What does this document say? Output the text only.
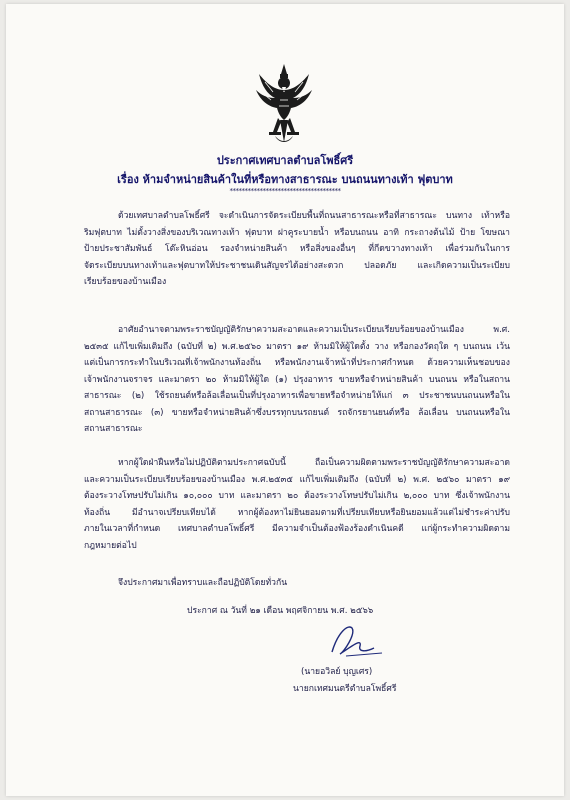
ประกาศเทศบาลตำบลโพธิ์ศรี
เรื่อง ห้ามจำหน่ายสินค้าในที่หรือทางสาธารณะ บนถนนทางเท้า ฟุตบาท
*************************************
ด้วยเทศบาลตำบลโพธิ์ศรี จะดำเนินการจัดระเบียบพื้นที่ถนนสาธารณะหรือที่สาธารณะ บนทาง เท้าหรือ
ริมฟุตบาท ไม่ตั้งวางสิ่งของบริเวณทางเท้า ฟุตบาท ฝาคูระบายน้ำ หรือบนถนน อาทิ กระถางต้นไม้ ป้าย โฆษณา
ป้ายประชาสัมพันธ์ โต๊ะหินอ่อน รองจำหน่ายสินค้า หรือสิ่งของอื่นๆ ที่กีดขวางทางเท้า เพื่อร่วมกันในการ
จัดระเบียบบนทางเท้าและฟุตบาทให้ประชาชนเดินสัญจรได้อย่างสะดวก ปลอดภัย และเกิดความเป็นระเบียบ
เรียบร้อยของบ้านเมือง
อาศัยอำนาจตามพระราชบัญญัติรักษาความสะอาดและความเป็นระเบียบเรียบร้อยของบ้านเมือง พ.ศ.
๒๕๓๕ แก้ไขเพิ่มเติมถึง (ฉบับที่ ๒) พ.ศ.๒๕๖๐ มาตรา ๑๙ ห้ามมิให้ผู้ใดตั้ง วาง หรือกองวัตถุใด ๆ บนถนน เว้น
แต่เป็นการกระทำในบริเวณที่เจ้าพนักงานท้องถิ่น หรือพนักงานเจ้าหน้าที่ประกาศกำหนด ด้วยความเห็นชอบของ
เจ้าพนักงานจราจร และมาตรา ๒๐ ห้ามมิให้ผู้ใด (๑) ปรุงอาหาร ขายหรือจำหน่ายสินค้า บนถนน หรือในสถาน
สาธารณะ (๒) ใช้รถยนต์หรือล้อเลื่อนเป็นที่ปรุงอาหารเพื่อขายหรือจำหน่ายให้แก่ ๓ ประชาชนบนถนนหรือใน
สถานสาธารณะ (๓) ขายหรือจำหน่ายสินค้าซึ่งบรรทุกบนรถยนต์ รถจักรยานยนต์หรือ ล้อเลื่อน บนถนนหรือใน
สถานสาธารณะ
หากผู้ใดฝ่าฝืนหรือไม่ปฏิบัติตามประกาศฉบับนี้ ถือเป็นความผิดตามพระราชบัญญัติรักษาความสะอาด
และความเป็นระเบียบเรียบร้อยของบ้านเมือง พ.ศ.๒๕๓๕ แก้ไขเพิ่มเติมถึง (ฉบับที่ ๒) พ.ศ. ๒๕๖๐ มาตรา ๑๙
ต้องระวางโทษปรับไม่เกิน ๑๐,๐๐๐ บาท และมาตรา ๒๐ ต้องระวางโทษปรับไม่เกิน ๒,๐๐๐ บาท ซึ่งเจ้าพนักงาน
ท้องถิ่น มีอำนาจเปรียบเทียบได้ หากผู้ต้องหาไม่ยินยอมตามที่เปรียบเทียบหรือยินยอมแล้วแต่ไม่ชำระค่าปรับ
ภายในเวลาที่กำหนด เทศบาลตำบลโพธิ์ศรี มีความจำเป็นต้องฟ้องร้องดำเนินคดี แก่ผู้กระทำความผิดตาม
กฎหมายต่อไป
จึงประกาศมาเพื่อทราบและถือปฏิบัติโดยทั่วกัน
ประกาศ ณ วันที่ ๒๑ เดือน พฤศจิกายน พ.ศ. ๒๕๖๖
(นายอวิลย์ บุญเศร)
นายกเทศมนตรีตำบลโพธิ์ศรี
